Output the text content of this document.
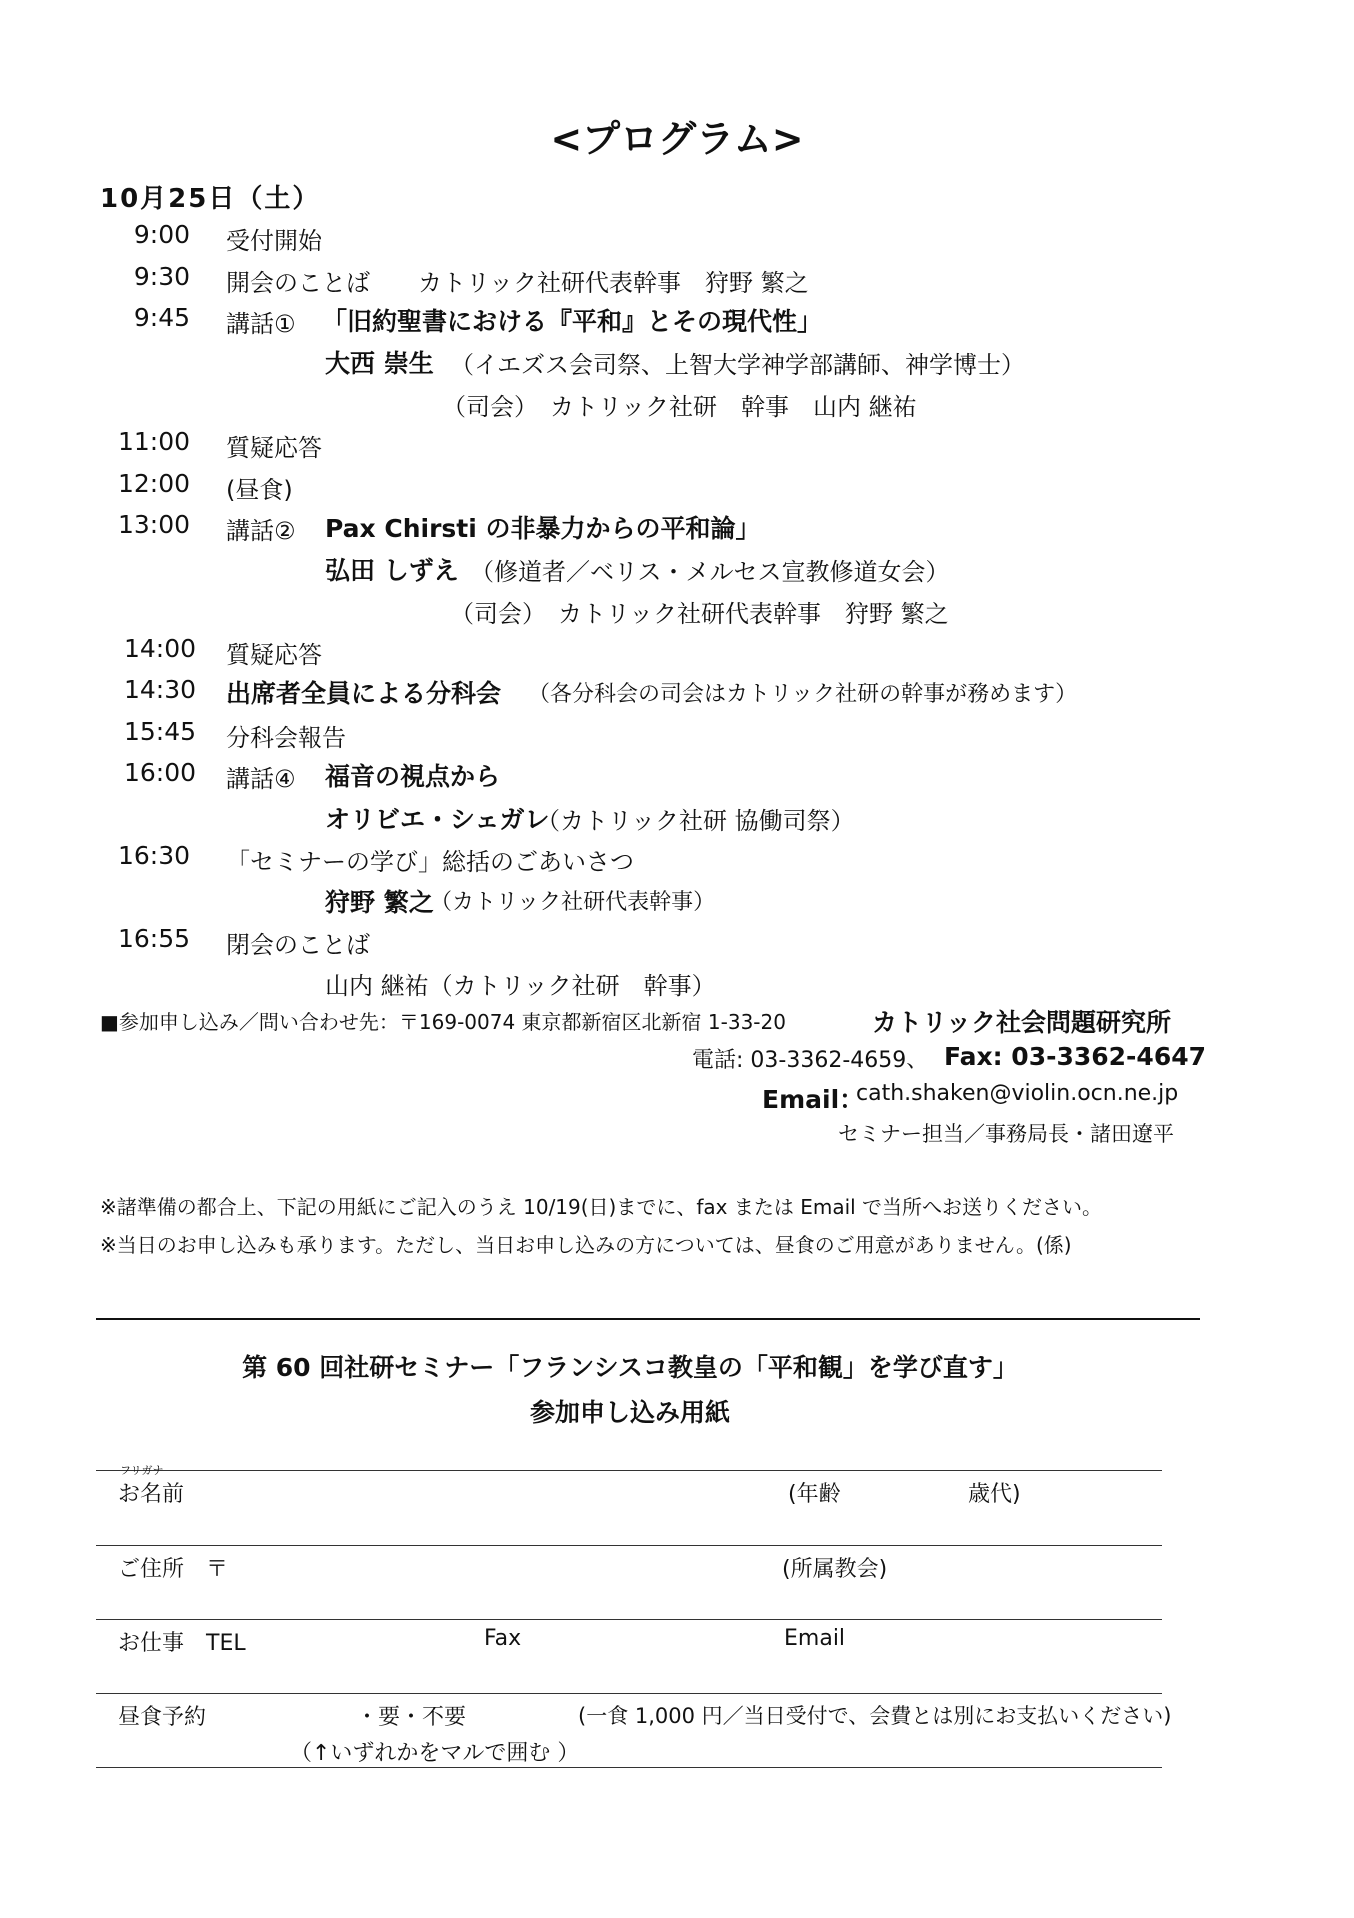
<プログラム>
10月25日（土）
9:00 受付開始
9:30 開会のことば　　カトリック社研代表幹事　狩野 繁之
9:45 講話① 「旧約聖書における『平和』とその現代性」
大西 崇生 （イエズス会司祭、上智大学神学部講師、神学博士）
（司会）　カトリック社研　幹事　山内 継祐
11:00 質疑応答
12:00 (昼食)
13:00 講話② Pax Chirsti の非暴力からの平和論」
弘田 しずえ （修道者／ベリス・メルセス宣教修道女会）
（司会）　カトリック社研代表幹事　狩野 繁之
14:00 質疑応答
14:30 出席者全員による分科会 （各分科会の司会はカトリック社研の幹事が務めます）
15:45 分科会報告
16:00 講話④ 福音の視点から
オリビエ・シェガレ
（カトリック社研 協働司祭）
16:30 「セミナーの学び」総括のごあいさつ
狩野 繁之
（カトリック社研代表幹事）
16:55 閉会のことば
山内 継祐（カトリック社研　幹事）
■参加申し込み／問い合わせ先：〒169-0074 東京都新宿区北新宿 1-33-20	カトリック社会問題研究所
電話: 03-3362-4659、 Fax: 03-3362-4647
Email：
cath.shaken@violin.ocn.ne.jp
セミナー担当／事務局長・諸田遼平
※諸準備の都合上、下記の用紙にご記入のうえ 10/19(日)までに、fax または Email で当所へお送りください。
※当日のお申し込みも承ります。ただし、当日お申し込みの方については、昼食のご用意がありません。(係)
第 60 回社研セミナー「フランシスコ教皇の「平和観」を学び直す」
参加申し込み用紙
フリガナ
お名前	(年齢	歳代)
ご住所　〒	(所属教会)
お仕事　TEL	Fax	Email
昼食予約	・要・不要	(一食 1,000 円／当日受付で、会費とは別にお支払いください)
（↑いずれかをマルで囲む ）
